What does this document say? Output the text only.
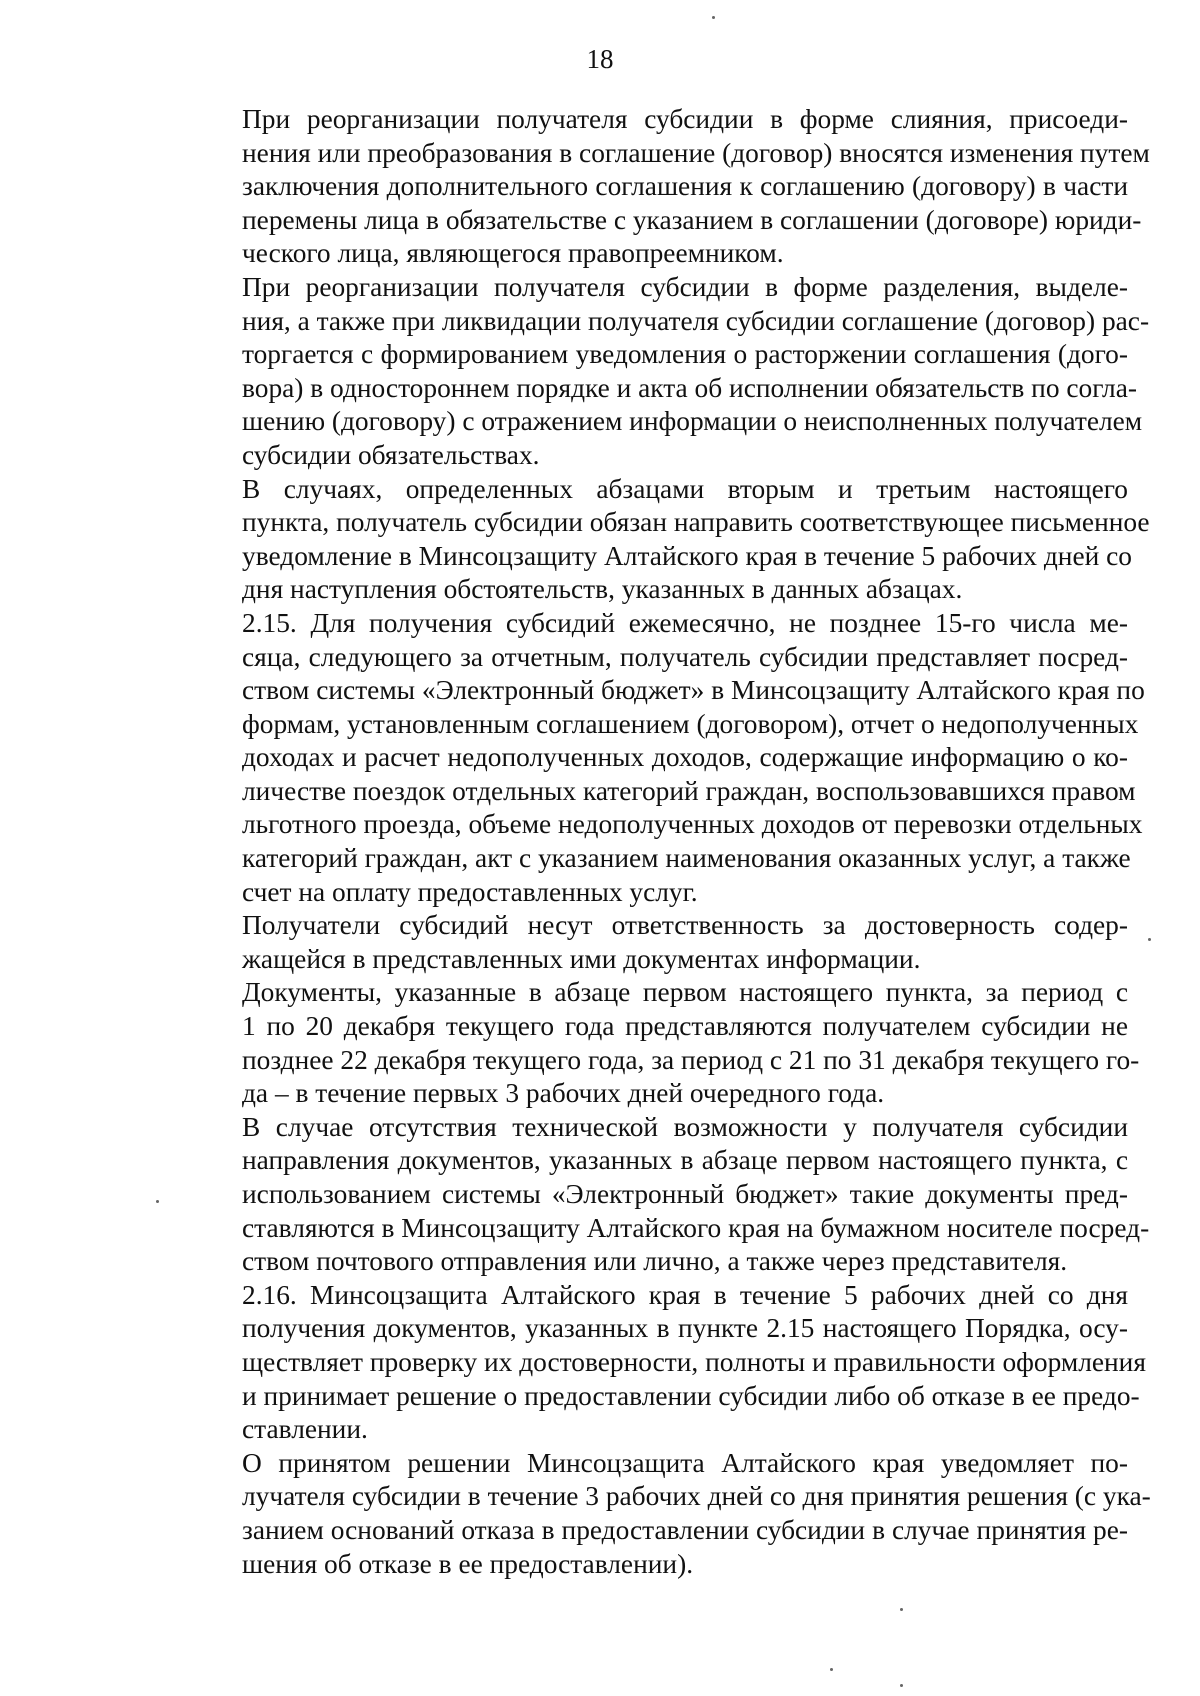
18

При реорганизации получателя субсидии в форме слияния, присоеди-
нения или преобразования в соглашение (договор) вносятся изменения путем
заключения дополнительного соглашения к соглашению (договору) в части
перемены лица в обязательстве с указанием в соглашении (договоре) юриди-
ческого лица, являющегося правопреемником.

При реорганизации получателя субсидии в форме разделения, выделе-
ния, а также при ликвидации получателя субсидии соглашение (договор) рас-
торгается с формированием уведомления о расторжении соглашения (дого-
вора) в одностороннем порядке и акта об исполнении обязательств по согла-
шению (договору) с отражением информации о неисполненных получателем
субсидии обязательствах.

В случаях, определенных абзацами вторым и третьим настоящего
пункта, получатель субсидии обязан направить соответствующее письменное
уведомление в Минсоцзащиту Алтайского края в течение 5 рабочих дней со
дня наступления обстоятельств, указанных в данных абзацах.

2.15. Для получения субсидий ежемесячно, не позднее 15-го числа ме-
сяца, следующего за отчетным, получатель субсидии представляет посред-
ством системы «Электронный бюджет» в Минсоцзащиту Алтайского края по
формам, установленным соглашением (договором), отчет о недополученных
доходах и расчет недополученных доходов, содержащие информацию о ко-
личестве поездок отдельных категорий граждан, воспользовавшихся правом
льготного проезда, объеме недополученных доходов от перевозки отдельных
категорий граждан, акт с указанием наименования оказанных услуг, а также
счет на оплату предоставленных услуг.

Получатели субсидий несут ответственность за достоверность содер-
жащейся в представленных ими документах информации.

Документы, указанные в абзаце первом настоящего пункта, за период с
1 по 20 декабря текущего года представляются получателем субсидии не
позднее 22 декабря текущего года, за период с 21 по 31 декабря текущего го-
да – в течение первых 3 рабочих дней очередного года.

В случае отсутствия технической возможности у получателя субсидии
направления документов, указанных в абзаце первом настоящего пункта, с
использованием системы «Электронный бюджет» такие документы пред-
ставляются в Минсоцзащиту Алтайского края на бумажном носителе посред-
ством почтового отправления или лично, а также через представителя.

2.16. Минсоцзащита Алтайского края в течение 5 рабочих дней со дня
получения документов, указанных в пункте 2.15 настоящего Порядка, осу-
ществляет проверку их достоверности, полноты и правильности оформления
и принимает решение о предоставлении субсидии либо об отказе в ее предо-
ставлении.

О принятом решении Минсоцзащита Алтайского края уведомляет по-
лучателя субсидии в течение 3 рабочих дней со дня принятия решения (с ука-
занием оснований отказа в предоставлении субсидии в случае принятия ре-
шения об отказе в ее предоставлении).
